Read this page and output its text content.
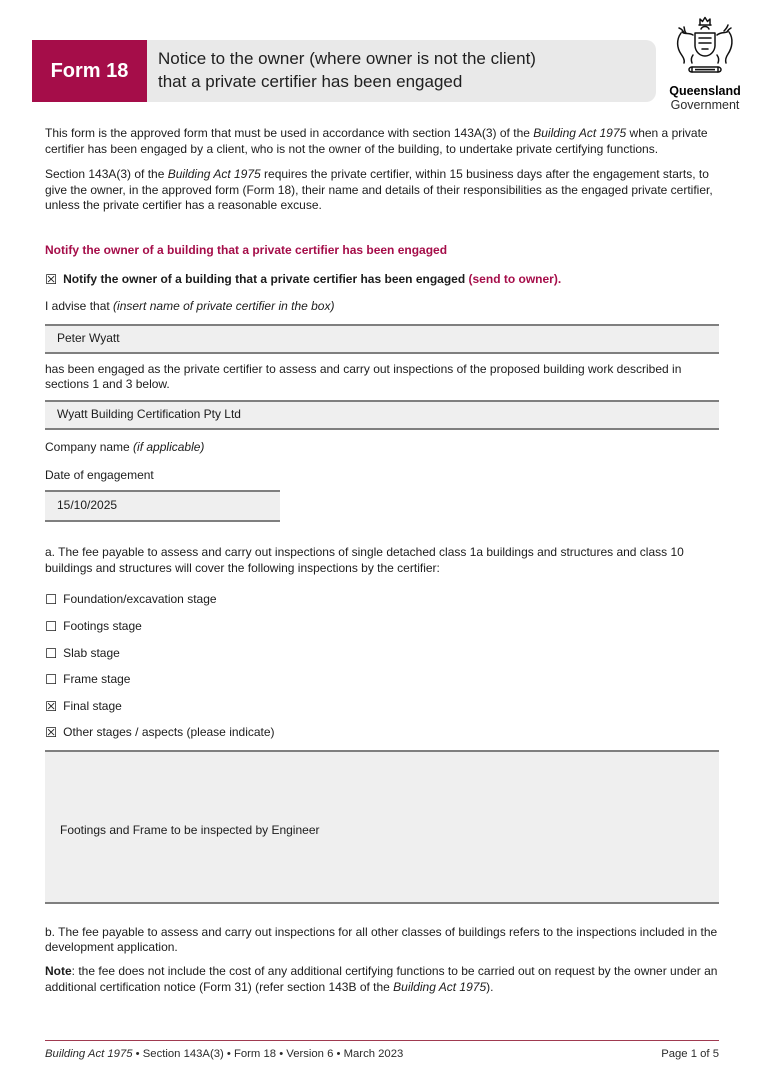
Form 18
Notice to the owner (where owner is not the client)
that a private certifier has been engaged	Queensland
Government

This form is the approved form that must be used in accordance with section 143A(3) of the Building Act 1975 when a private certifier has been engaged by a client, who is not the owner of the building, to undertake private certifying functions.

Section 143A(3) of the Building Act 1975 requires the private certifier, within 15 business days after the engagement starts, to give the owner, in the approved form (Form 18), their name and details of their responsibilities as the engaged private certifier, unless the private certifier has a reasonable excuse.

Notify the owner of a building that a private certifier has been engaged
☒ Notify the owner of a building that a private certifier has been engaged (send to owner).
I advise that (insert name of private certifier in the box)
Peter Wyatt

has been engaged as the private certifier to assess and carry out inspections of the proposed building work described in sections 1 and 3 below.

Wyatt Building Certification Pty Ltd
Company name (if applicable)
Date of engagement
15/10/2025

a. The fee payable to assess and carry out inspections of single detached class 1a buildings and structures and class 10 buildings and structures will cover the following inspections by the certifier:

☐ Foundation/excavation stage
☐ Footings stage
☐ Slab stage
☐ Frame stage
☒ Final stage
☒ Other stages / aspects (please indicate)
Footings and Frame to be inspected by Engineer

b. The fee payable to assess and carry out inspections for all other classes of buildings refers to the inspections included in the development application.

Note: the fee does not include the cost of any additional certifying functions to be carried out on request by the owner under an additional certification notice (Form 31) (refer section 143B of the Building Act 1975).

Building Act 1975 • Section 143A(3) • Form 18 • Version 6 • March 2023	Page 1 of 5
